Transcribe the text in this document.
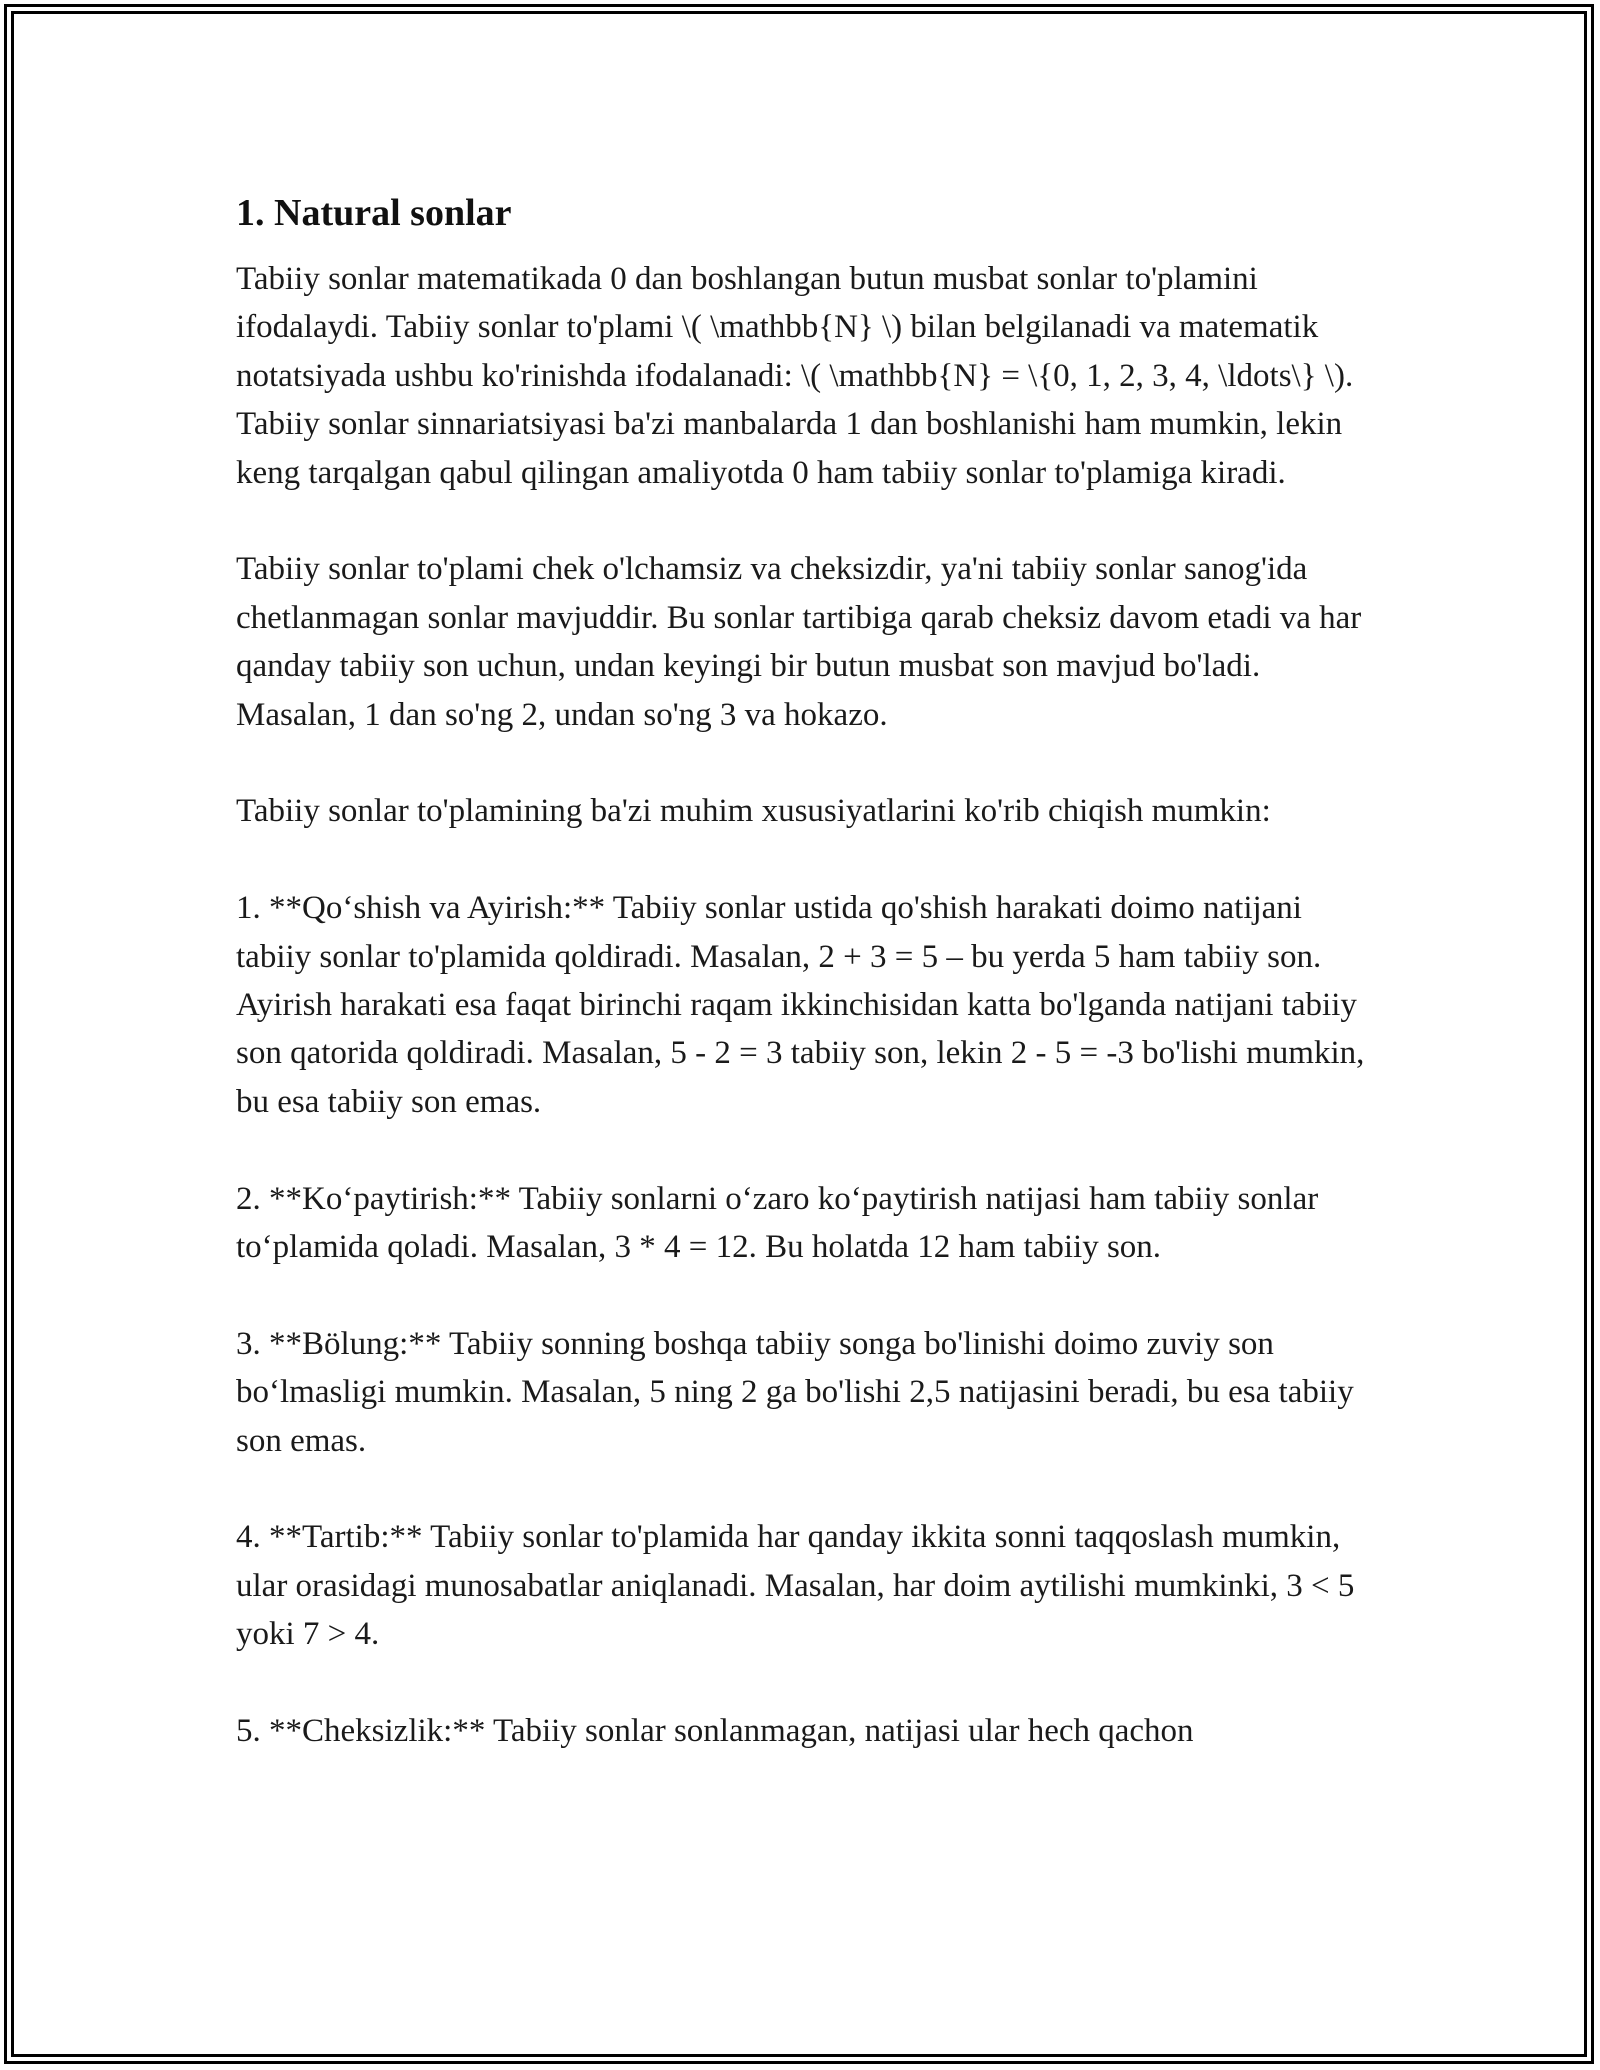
1. Natural sonlar

Tabiiy sonlar matematikada 0 dan boshlangan butun musbat sonlar to'plamini ifodalaydi. Tabiiy sonlar to'plami \( \mathbb{N} \) bilan belgilanadi va matematik notatsiyada ushbu ko'rinishda ifodalanadi: \( \mathbb{N} = \{0, 1, 2, 3, 4, \ldots\} \). Tabiiy sonlar sinnariatsiyasi ba'zi manbalarda 1 dan boshlanishi ham mumkin, lekin keng tarqalgan qabul qilingan amaliyotda 0 ham tabiiy sonlar to'plamiga kiradi.

Tabiiy sonlar to'plami chek o'lchamsiz va cheksizdir, ya'ni tabiiy sonlar sanog'ida chetlanmagan sonlar mavjuddir. Bu sonlar tartibiga qarab cheksiz davom etadi va har qanday tabiiy son uchun, undan keyingi bir butun musbat son mavjud bo'ladi. Masalan, 1 dan so'ng 2, undan so'ng 3 va hokazo.

Tabiiy sonlar to'plamining ba'zi muhim xususiyatlarini ko'rib chiqish mumkin:

1. **Qo‘shish va Ayirish:** Tabiiy sonlar ustida qo'shish harakati doimo natijani tabiiy sonlar to'plamida qoldiradi. Masalan, 2 + 3 = 5 – bu yerda 5 ham tabiiy son. Ayirish harakati esa faqat birinchi raqam ikkinchisidan katta bo'lganda natijani tabiiy son qatorida qoldiradi. Masalan, 5 - 2 = 3 tabiiy son, lekin 2 - 5 = -3 bo'lishi mumkin, bu esa tabiiy son emas.

2. **Ko‘paytirish:** Tabiiy sonlarni o‘zaro ko‘paytirish natijasi ham tabiiy sonlar to‘plamida qoladi. Masalan, 3 * 4 = 12. Bu holatda 12 ham tabiiy son.

3. **Bölung:** Tabiiy sonning boshqa tabiiy songa bo'linishi doimo zuviy son bo‘lmasligi mumkin. Masalan, 5 ning 2 ga bo'lishi 2,5 natijasini beradi, bu esa tabiiy son emas.

4. **Tartib:** Tabiiy sonlar to'plamida har qanday ikkita sonni taqqoslash mumkin, ular orasidagi munosabatlar aniqlanadi. Masalan, har doim aytilishi mumkinki, 3 < 5 yoki 7 > 4.

5. **Cheksizlik:** Tabiiy sonlar sonlanmagan, natijasi ular hech qachon
